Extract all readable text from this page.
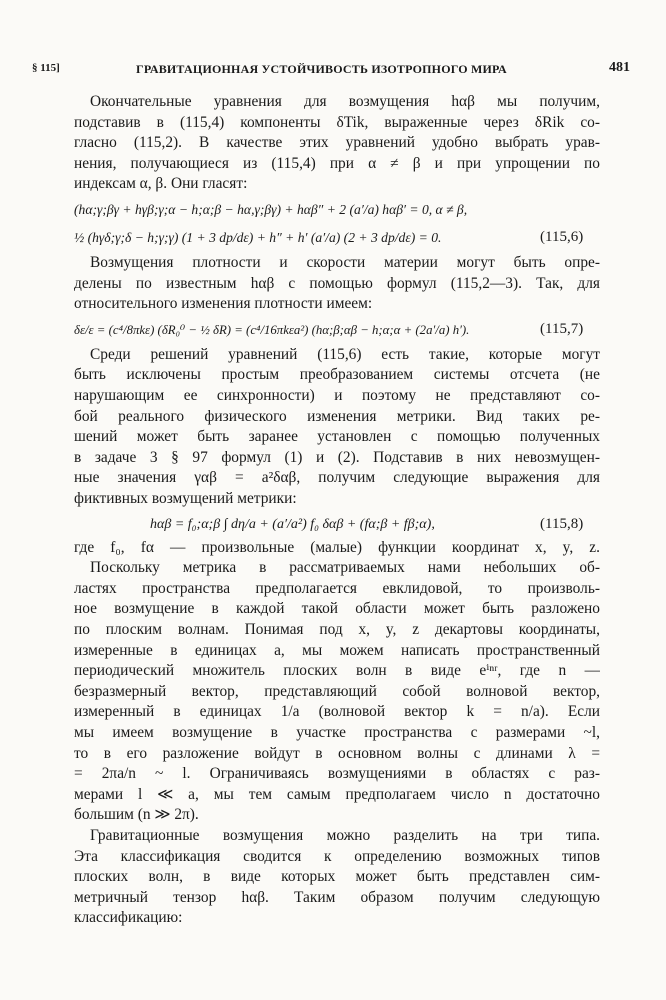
§ 115]	ГРАВИТАЦИОННАЯ УСТОЙЧИВОСТЬ ИЗОТРОПНОГО МИРА	481
Окончательные уравнения для возмущения hαβ мы получим,
подставив в (115,4) компоненты δTik, выраженные через δRik со-
гласно (115,2). В качестве этих уравнений удобно выбрать урав-
нения, получающиеся из (115,4) при α ≠ β и при упрощении по
индексам α, β. Они гласят:
(hα;γ;βγ + hγβ;γ;α − h;α;β − hα,γ;βγ) + hαβ″ + 2 (a′/a) hαβ′ = 0, α ≠ β,
½ (hγδ;γ;δ − h;γ;γ) (1 + 3 dp/dε) + h″ + h′ (a′/a) (2 + 3 dp/dε) = 0.	(115,6)
Возмущения плотности и скорости материи могут быть опре-
делены по известным hαβ с помощью формул (115,2—3). Так, для
относительного изменения плотности имеем:
δε/ε = (c⁴/8πkε) (δR₀⁰ − ½ δR) = (c⁴/16πkεa²) (hα;β;αβ − h;α;α + (2a′/a) h′).	(115,7)
Среди решений уравнений (115,6) есть такие, которые могут
быть исключены простым преобразованием системы отсчета (не
нарушающим ее синхронности) и поэтому не представляют со-
бой реального физического изменения метрики. Вид таких ре-
шений может быть заранее установлен с помощью полученных
в задаче 3 § 97 формул (1) и (2). Подставив в них невозмущен-
ные значения γαβ = a²δαβ, получим следующие выражения для
фиктивных возмущений метрики:
hαβ = f₀;α;β ∫ dη/a + (a′/a²) f₀ δαβ + (fα;β + fβ;α),	(115,8)
где f₀, fα — произвольные (малые) функции координат x, y, z.
Поскольку метрика в рассматриваемых нами небольших об-
ластях пространства предполагается евклидовой, то произволь-
ное возмущение в каждой такой области может быть разложено
по плоским волнам. Понимая под x, y, z декартовы координаты,
измеренные в единицах a, мы можем написать пространственный
периодический множитель плоских волн в виде eⁱⁿʳ, где n —
безразмерный вектор, представляющий собой волновой вектор,
измеренный в единицах 1/a (волновой вектор k = n/a). Если
мы имеем возмущение в участке пространства с размерами ~l,
то в его разложение войдут в основном волны с длинами λ =
= 2πa/n ~ l. Ограничиваясь возмущениями в областях с раз-
мерами l ≪ a, мы тем самым предполагаем число n достаточно
большим (n ≫ 2π).
Гравитационные возмущения можно разделить на три типа.
Эта классификация сводится к определению возможных типов
плоских волн, в виде которых может быть представлен сим-
метричный тензор hαβ. Таким образом получим следующую
классификацию:
